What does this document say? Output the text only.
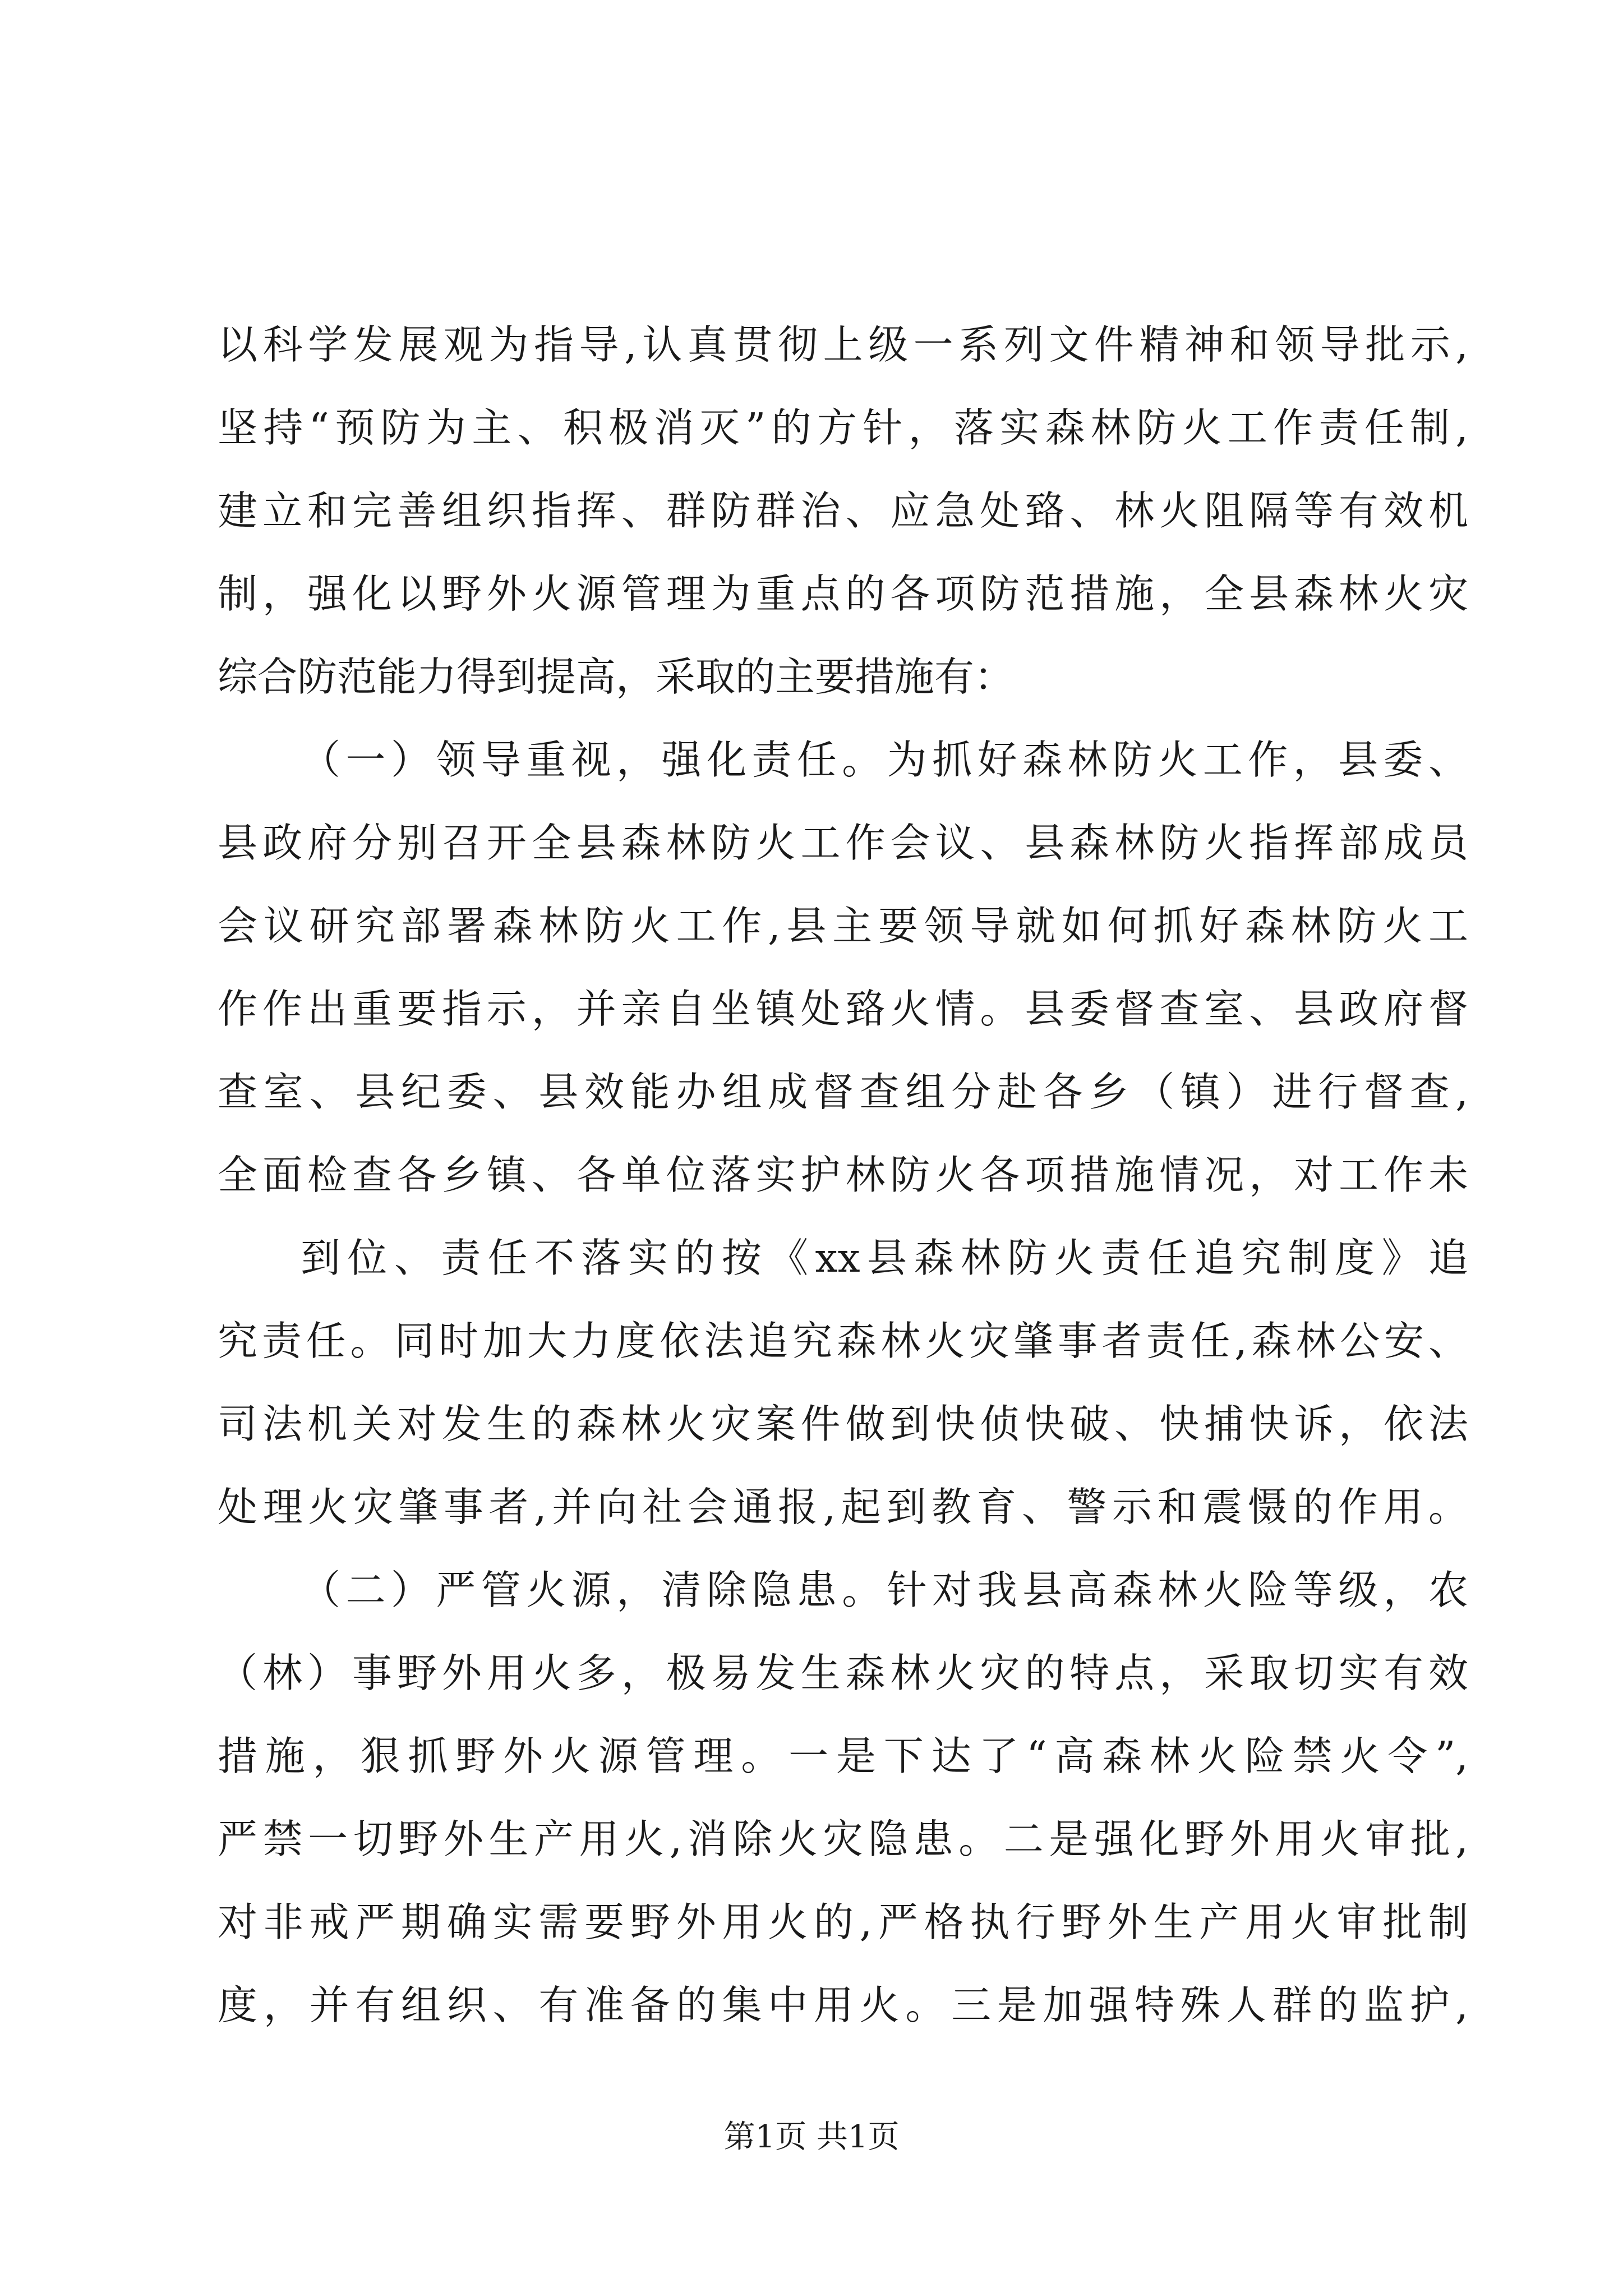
以科学发展观为指导,认真贯彻上级一系列文件精神和领导批示,
坚持“预防为主、积极消灭”的方针，落实森林防火工作责任制,
建立和完善组织指挥、群防群治、应急处臵、林火阻隔等有效机
制，强化以野外火源管理为重点的各项防范措施，全县森林火灾
综合防范能力得到提高，采取的主要措施有：
（一）领导重视，强化责任。为抓好森林防火工作，县委、
县政府分别召开全县森林防火工作会议、县森林防火指挥部成员
会议研究部署森林防火工作,县主要领导就如何抓好森林防火工
作作出重要指示，并亲自坐镇处臵火情。县委督查室、县政府督
查室、县纪委、县效能办组成督查组分赴各乡（镇）进行督查,
全面检查各乡镇、各单位落实护林防火各项措施情况，对工作未
到位、责任不落实的按《xx县森林防火责任追究制度》追
究责任。同时加大力度依法追究森林火灾肇事者责任,森林公安、
司法机关对发生的森林火灾案件做到快侦快破、快捕快诉，依法
处理火灾肇事者,并向社会通报,起到教育、警示和震慑的作用。
（二）严管火源，清除隐患。针对我县高森林火险等级，农
（林）事野外用火多，极易发生森林火灾的特点，采取切实有效
措施，狠抓野外火源管理。一是下达了“高森林火险禁火令”,
严禁一切野外生产用火,消除火灾隐患。二是强化野外用火审批,
对非戒严期确实需要野外用火的,严格执行野外生产用火审批制
度，并有组织、有准备的集中用火。三是加强特殊人群的监护,
第1页 共1页
